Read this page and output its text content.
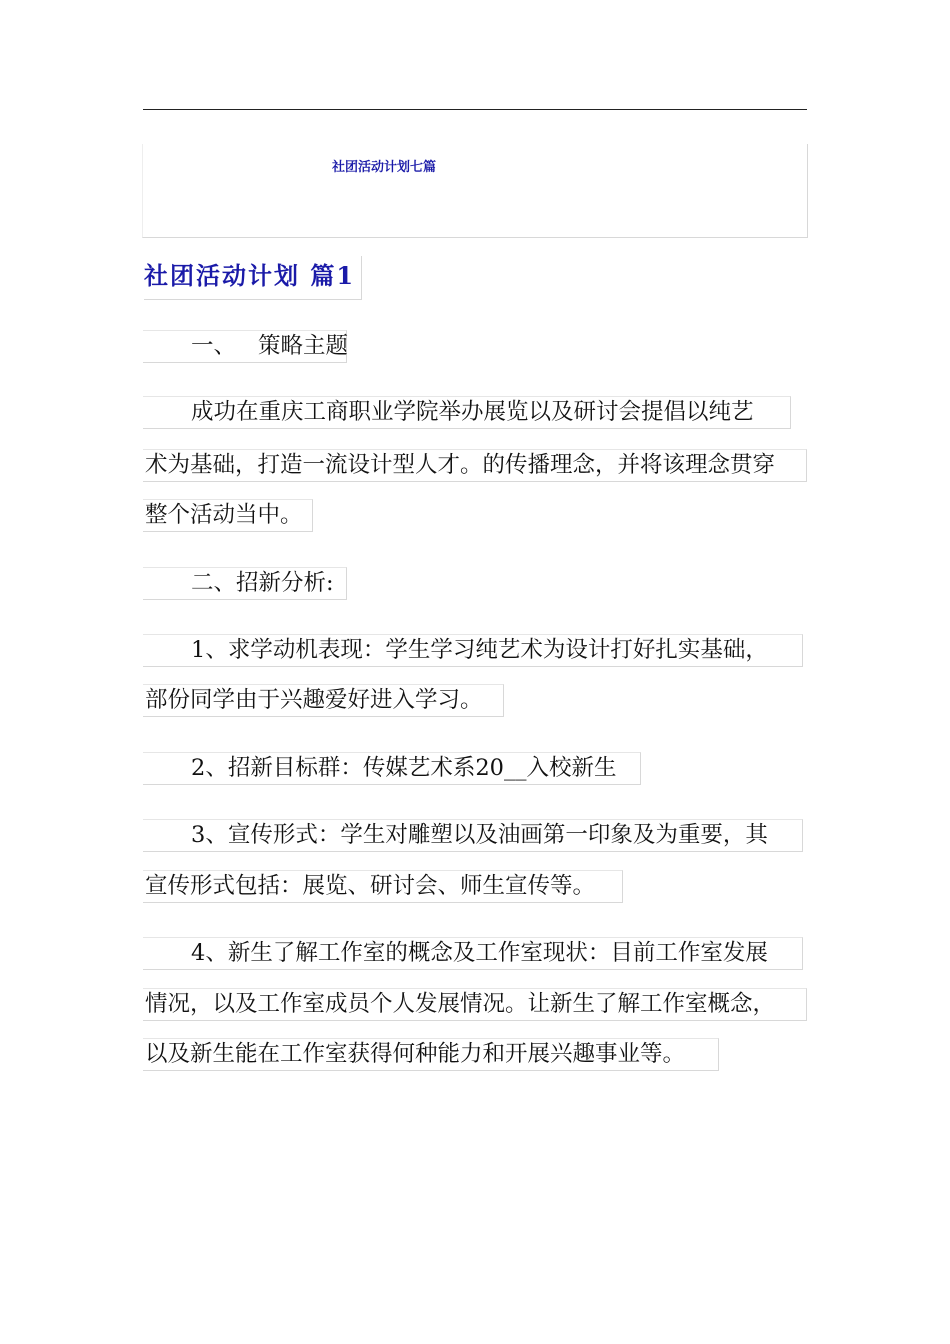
社团活动计划七篇
社团活动计划 篇1
一、 策略主题
成功在重庆工商职业学院举办展览以及研讨会提倡以纯艺
术为基础，打造一流设计型人才。的传播理念，并将该理念贯穿
整个活动当中。
二、招新分析:
1、求学动机表现：学生学习纯艺术为设计打好扎实基础，
部份同学由于兴趣爱好进入学习。
2、招新目标群：传媒艺术系20__入校新生
3、宣传形式：学生对雕塑以及油画第一印象及为重要，其
宣传形式包括：展览、研讨会、师生宣传等。
4、新生了解工作室的概念及工作室现状：目前工作室发展
情况，以及工作室成员个人发展情况。让新生了解工作室概念，
以及新生能在工作室获得何种能力和开展兴趣事业等。
